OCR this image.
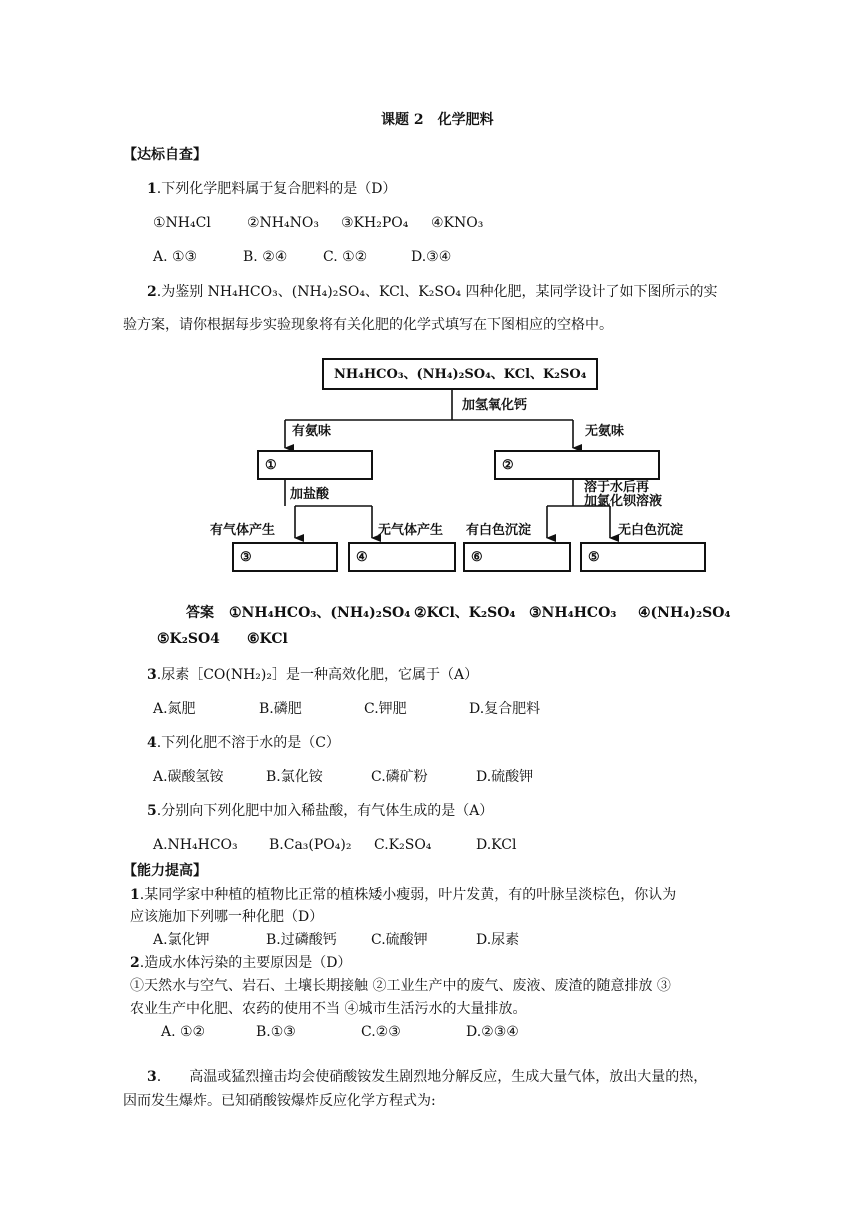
课题 2　化学肥料
【达标自查】
1.下列化学肥料属于复合肥料的是（D）
①NH₄Cl	②NH₄NO₃ ③KH₂PO₄ ④KNO₃
A. ①③	B. ②④	C. ①②	D.③④
2.为鉴别 NH₄HCO₃、(NH₄)₂SO₄、KCl、K₂SO₄ 四种化肥，某同学设计了如下图所示的实
验方案，请你根据每步实验现象将有关化肥的化学式填写在下图相应的空格中。
NH₄HCO₃、(NH₄)₂SO₄、KCl、K₂SO₄
加氢氧化钙
有氨味	无氨味
①	②
加盐酸	溶于水后再
加氯化钡溶液
有气体产生	无气体产生 有白色沉淀	无白色沉淀
③	④	⑥	⑤
答案 ①NH₄HCO₃、(NH₄)₂SO₄ ②KCl、K₂SO₄ ③NH₄HCO₃ ④(NH₄)₂SO₄
⑤K₂SO4 ⑥KCl
3.尿素［CO(NH₂)₂］是一种高效化肥，它属于（A）
A.氮肥	B.磷肥	C.钾肥	D.复合肥料
4.下列化肥不溶于水的是（C）
A.碳酸氢铵	B.氯化铵	C.磷矿粉	D.硫酸钾
5.分别向下列化肥中加入稀盐酸，有气体生成的是（A）
A.NH₄HCO₃ B.Ca₃(PO₄)₂ C.K₂SO₄	D.KCl
【能力提高】
1.某同学家中种植的植物比正常的植株矮小瘦弱，叶片发黄，有的叶脉呈淡棕色，你认为
应该施加下列哪一种化肥（D）
A.氯化钾	B.过磷酸钙 C.硫酸钾	D.尿素
2.造成水体污染的主要原因是（D）
①天然水与空气、岩石、土壤长期接触 ②工业生产中的废气、废液、废渣的随意排放 ③
农业生产中化肥、农药的使用不当 ④城市生活污水的大量排放。
A. ①②	B.①③	C.②③	D.②③④
3.　　高温或猛烈撞击均会使硝酸铵发生剧烈地分解反应，生成大量气体，放出大量的热，
因而发生爆炸。已知硝酸铵爆炸反应化学方程式为:
